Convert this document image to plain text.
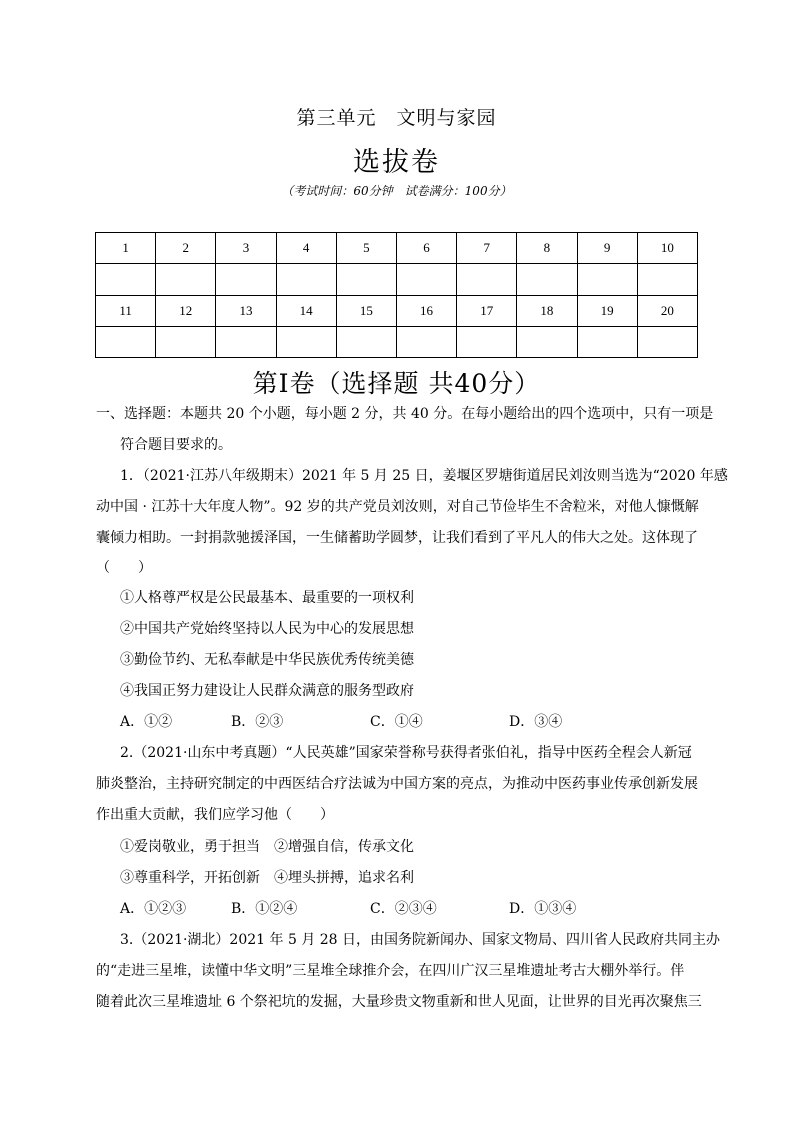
第三单元　文明与家园
选拔卷
（考试时间：60分钟　试卷满分：100分）
1	2	3	4	5	6	7	8	9	10

11	12	13	14	15	16	17	18	19	20

第Ⅰ卷（选择题 共40分）
一、选择题：本题共 20 个小题，每小题 2 分，共 40 分。在每小题给出的四个选项中，只有一项是
符合题目要求的。
1．（2021·江苏八年级期末）2021 年 5 月 25 日，姜堰区罗塘街道居民刘汝则当选为“2020 年感
动中国 · 江苏十大年度人物”。92 岁的共产党员刘汝则，对自己节俭毕生不舍粒米，对他人慷慨解
囊倾力相助。一封捐款驰援泽国，一生储蓄助学圆梦，让我们看到了平凡人的伟大之处。这体现了
（　　）
①人格尊严权是公民最基本、最重要的一项权利
②中国共产党始终坚持以人民为中心的发展思想
③勤俭节约、无私奉献是中华民族优秀传统美德
④我国正努力建设让人民群众满意的服务型政府
A．①②	B．②③	C．①④	D．③④
2.（2021·山东中考真题）“人民英雄”国家荣誉称号获得者张伯礼，指导中医药全程会人新冠
肺炎整治，主持研究制定的中西医结合疗法诚为中国方案的亮点，为推动中医药事业传承创新发展
作出重大贡献，我们应学习他（　　）
①爱岗敬业，勇于担当　②增强自信，传承文化
③尊重科学，开拓创新　④埋头拼搏，追求名利
A．①②③	B．①②④	C．②③④	D．①③④
3.（2021·湖北）2021 年 5 月 28 日，由国务院新闻办、国家文物局、四川省人民政府共同主办
的“走进三星堆，读懂中华文明”三星堆全球推介会，在四川广汉三星堆遗址考古大棚外举行。伴
随着此次三星堆遗址 6 个祭祀坑的发掘，大量珍贵文物重新和世人见面，让世界的目光再次聚焦三
